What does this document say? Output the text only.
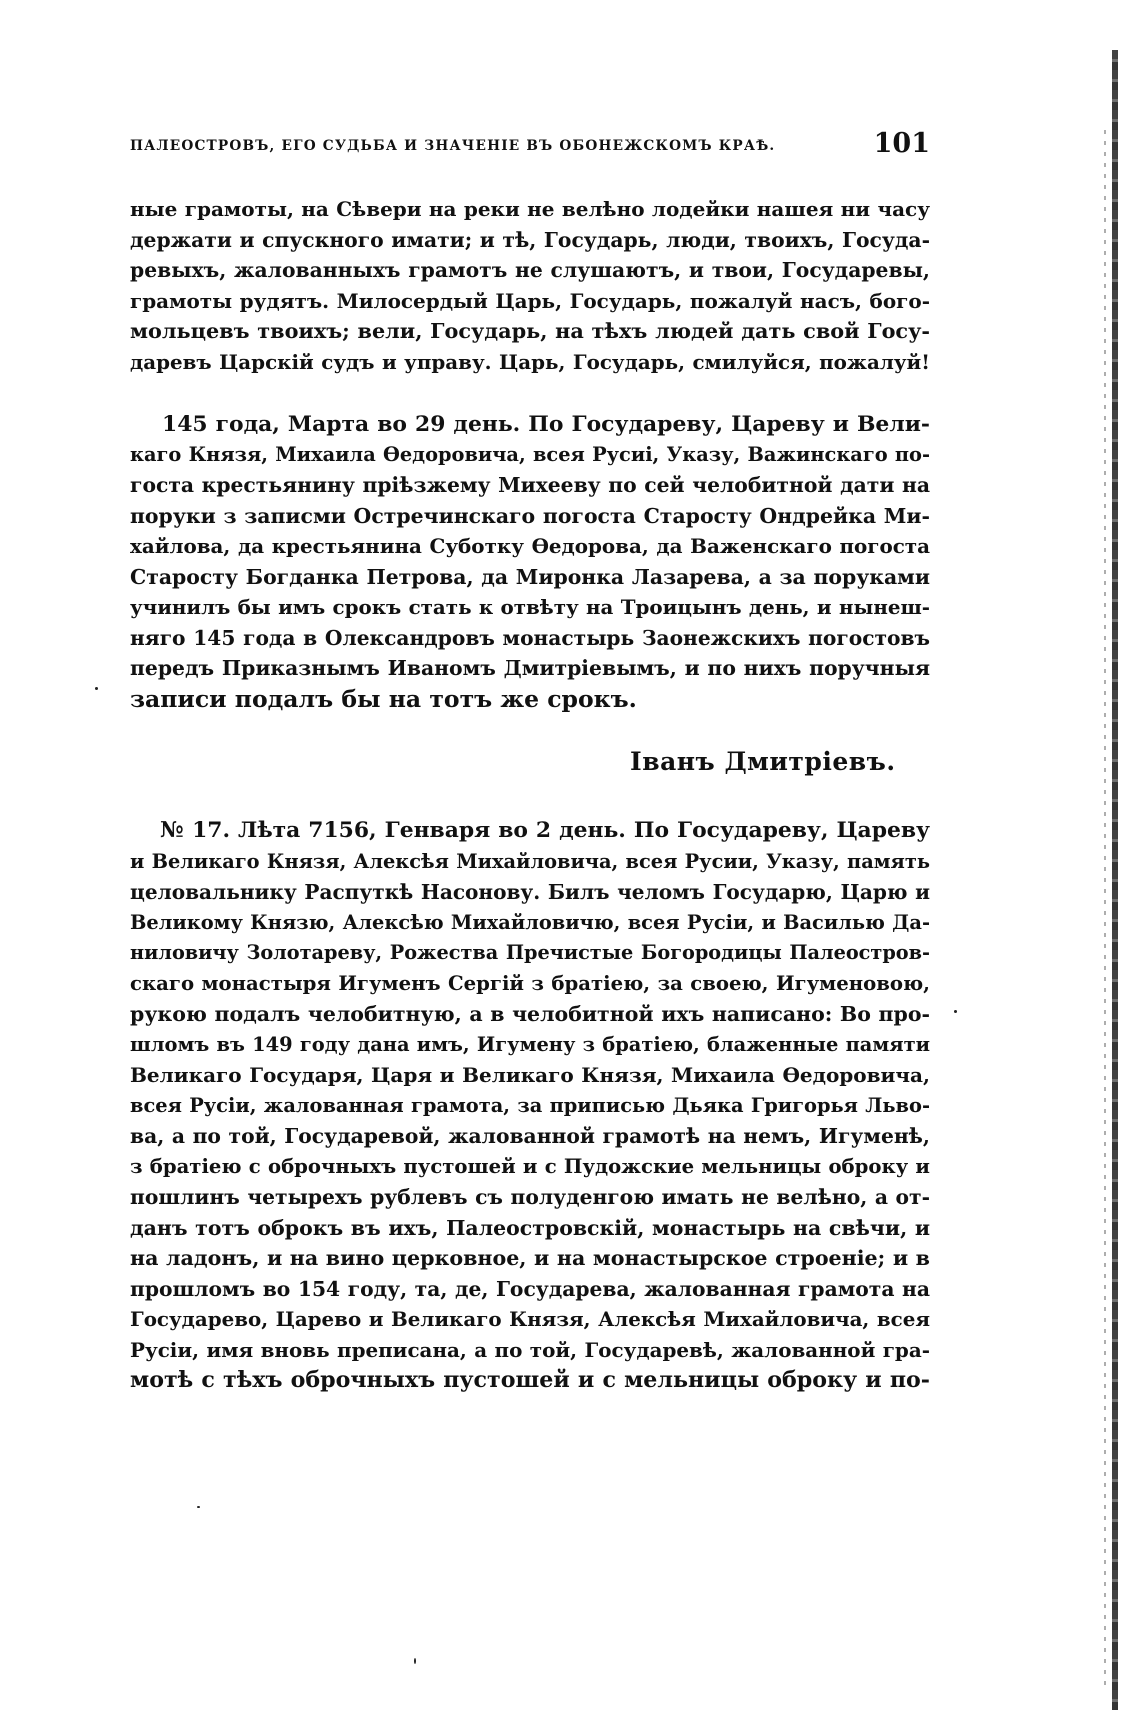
ПАЛЕОСТРОВЪ, ЕГО СУДЬБА И ЗНАЧЕНІЕ ВЪ ОБОНЕЖСКОМЪ КРАѢ.	101
ные грамоты, на Сѣвери на реки не велѣно лодейки нашея ни часу
держати и спускного имати; и тѣ, Государь, люди, твоихъ, Госуда-
ревыхъ, жалованныхъ грамотъ не слушаютъ, и твои, Государевы,
грамоты рудятъ. Милосердый Царь, Государь, пожалуй насъ, бого-
мольцевъ твоихъ; вели, Государь, на тѣхъ людей дать свой Госу-
даревъ Царскій судъ и управу. Царь, Государь, смилуйся, пожалуй!
145 года, Марта во 29 день. По Государеву, Цареву и Вели-
каго Князя, Михаила Өедоровича, всея Русиі, Указу, Важинскаго по-
госта крестьянину пріѣзжему Михееву по сей челобитной дати на
поруки з записми Остречинскаго погоста Старосту Ондрейка Ми-
хайлова, да крестьянина Суботку Өедорова, да Важенскаго погоста
Старосту Богданка Петрова, да Миронка Лазарева, а за поруками
учинилъ бы имъ срокъ стать к отвѣту на Троицынъ день, и нынеш-
няго 145 года в Олександровъ монастырь Заонежскихъ погостовъ
передъ Приказнымъ Иваномъ Дмитріевымъ, и по нихъ поручныя
записи подалъ бы на тотъ же срокъ.
Іванъ Дмитріевъ.
№ 17. Лѣта 7156, Генваря во 2 день. По Государеву, Цареву
и Великаго Князя, Алексѣя Михайловича, всея Русии, Указу, память
целовальнику Распуткѣ Насонову. Билъ челомъ Государю, Царю и
Великому Князю, Алексѣю Михайловичю, всея Русіи, и Василью Да-
ниловичу Золотареву, Рожества Пречистые Богородицы Палеостров-
скаго монастыря Игуменъ Сергій з братіею, за своею, Игуменовою,
рукою подалъ челобитную, а в челобитной ихъ написано: Во про-
шломъ въ 149 году дана имъ, Игумену з братіею, блаженные памяти
Великаго Государя, Царя и Великаго Князя, Михаила Өедоровича,
всея Русіи, жалованная грамота, за приписью Дьяка Григорья Льво-
ва, а по той, Государевой, жалованной грамотѣ на немъ, Игуменѣ,
з братіею с оброчныхъ пустошей и с Пудожские мельницы оброку и
пошлинъ четырехъ рублевъ съ полуденгою имать не велѣно, а от-
данъ тотъ оброкъ въ ихъ, Палеостровскій, монастырь на свѣчи, и
на ладонъ, и на вино церковное, и на монастырское строеніе; и в
прошломъ во 154 году, та, де, Государева, жалованная грамота на
Государево, Царево и Великаго Князя, Алексѣя Михайловича, всея
Русіи, имя вновь преписана, а по той, Государевѣ, жалованной гра-
мотѣ с тѣхъ оброчныхъ пустошей и с мельницы оброку и по-
